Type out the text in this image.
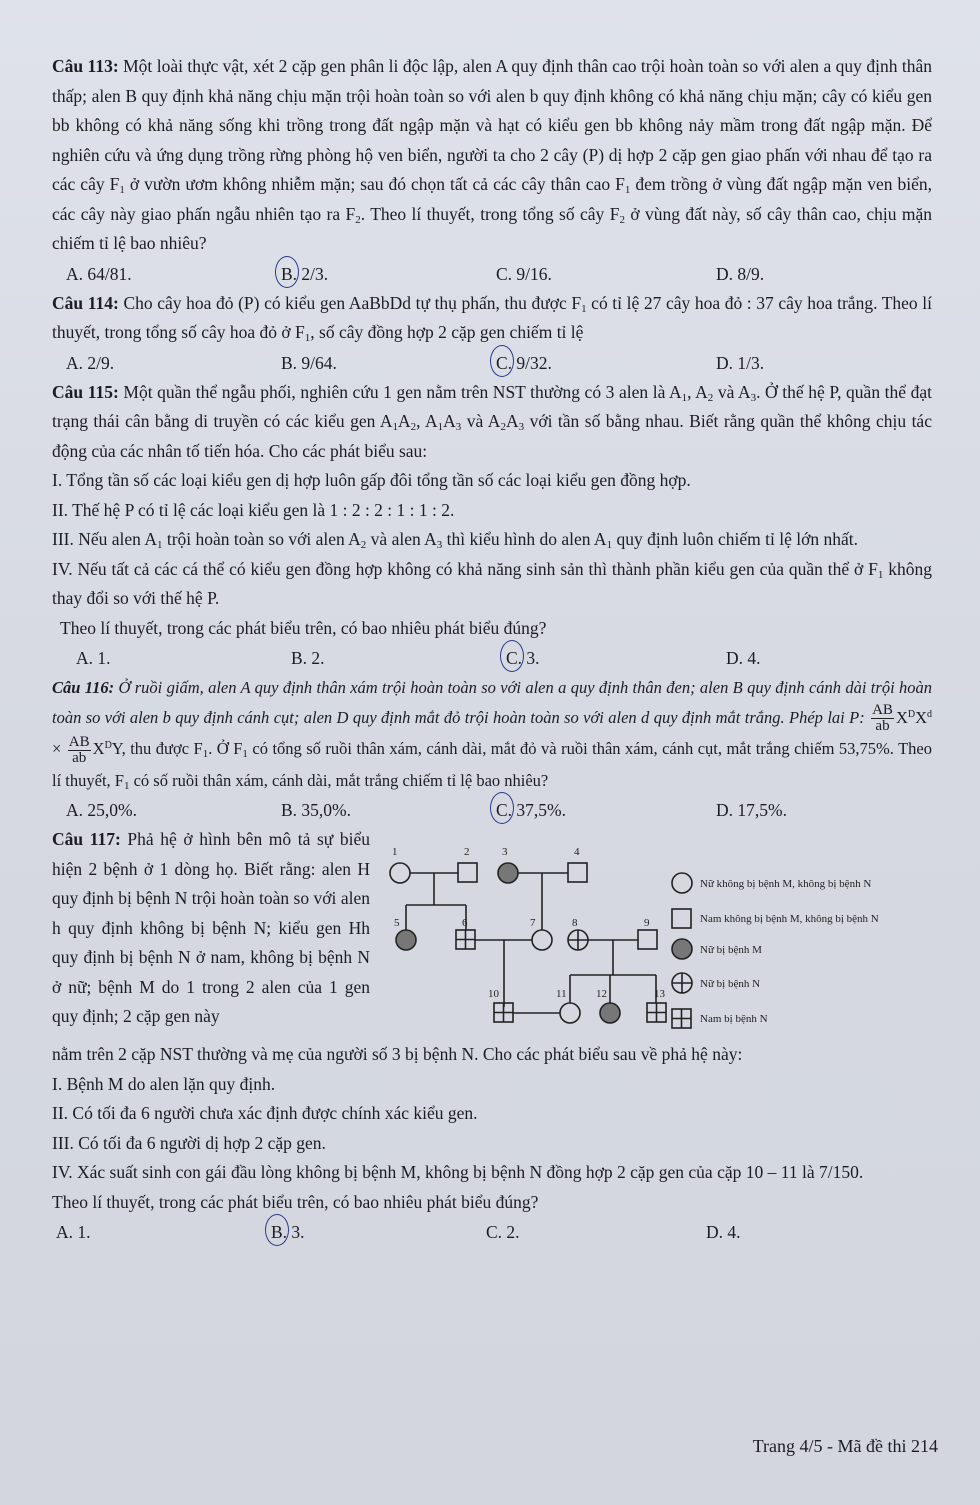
Câu 113: Một loài thực vật, xét 2 cặp gen phân li độc lập, alen A quy định thân cao trội hoàn toàn so với alen a quy định thân thấp; alen B quy định khả năng chịu mặn trội hoàn toàn so với alen b quy định không có khả năng chịu mặn; cây có kiểu gen bb không có khả năng sống khi trồng trong đất ngập mặn và hạt có kiểu gen bb không nảy mầm trong đất ngập mặn. Để nghiên cứu và ứng dụng trồng rừng phòng hộ ven biển, người ta cho 2 cây (P) dị hợp 2 cặp gen giao phấn với nhau để tạo ra các cây $F_1$ ở vườn ươm không nhiễm mặn; sau đó chọn tất cả các cây thân cao $F_1$ đem trồng ở vùng đất ngập mặn ven biển, các cây này giao phấn ngẫu nhiên tạo ra $F_2$. Theo lí thuyết, trong tổng số cây $F_2$ ở vùng đất này, số cây thân cao, chịu mặn chiếm tỉ lệ bao nhiêu?

A. 64/81.	B. 2/3.	C. 9/16.	D. 8/9.

Câu 114: Cho cây hoa đỏ (P) có kiểu gen AaBbDd tự thụ phấn, thu được $F_1$ có tỉ lệ 27 cây hoa đỏ : 37 cây hoa trắng. Theo lí thuyết, trong tổng số cây hoa đỏ ở $F_1$, số cây đồng hợp 2 cặp gen chiếm tỉ lệ

A. 2/9.	B. 9/64.	C. 9/32.	D. 1/3.

Câu 115: Một quần thể ngẫu phối, nghiên cứu 1 gen nằm trên NST thường có 3 alen là $A_1$, $A_2$ và $A_3$. Ở thế hệ P, quần thể đạt trạng thái cân bằng di truyền có các kiểu gen $A_1A_2$, $A_1A_3$ và $A_2A_3$ với tần số bằng nhau. Biết rằng quần thể không chịu tác động của các nhân tố tiến hóa. Cho các phát biểu sau:

I. Tổng tần số các loại kiểu gen dị hợp luôn gấp đôi tổng tần số các loại kiểu gen đồng hợp.

II. Thế hệ P có tỉ lệ các loại kiểu gen là 1 : 2 : 2 : 1 : 1 : 2.

III. Nếu alen $A_1$ trội hoàn toàn so với alen $A_2$ và alen $A_3$ thì kiểu hình do alen $A_1$ quy định luôn chiếm tỉ lệ lớn nhất.

IV. Nếu tất cả các cá thể có kiểu gen đồng hợp không có khả năng sinh sản thì thành phần kiểu gen của quần thể ở $F_1$ không thay đổi so với thế hệ P.

Theo lí thuyết, trong các phát biểu trên, có bao nhiêu phát biểu đúng?

A. 1.	B. 2.	C. 3.	D. 4.

Câu 116: Ở ruồi giấm, alen A quy định thân xám trội hoàn toàn so với alen a quy định thân đen; alen B quy định cánh dài trội hoàn toàn so với alen b quy định cánh cụt; alen D quy định mắt đỏ trội hoàn toàn so với alen d quy định mắt trắng. Phép lai P: $\frac{AB}{ab} X^DX^d \times \frac{AB}{ab} X^DY$, thu được $F_1$. Ở $F_1$ có tổng số ruồi thân xám, cánh dài, mắt đỏ và ruồi thân xám, cánh cụt, mắt trắng chiếm 53,75%. Theo lí thuyết, $F_1$ có số ruồi thân xám, cánh dài, mắt trắng chiếm tỉ lệ bao nhiêu?

A. 25,0%.	B. 35,0%.	C. 37,5%.	D. 17,5%.

Câu 117: Phả hệ ở hình bên mô tả sự biểu hiện 2 bệnh ở 1 dòng họ. Biết rằng: alen H quy định bị bệnh N trội hoàn toàn so với alen h quy định không bị bệnh N; kiểu gen Hh quy định bị bệnh N ở nam, không bị bệnh N ở nữ; bệnh M do 1 trong 2 alen của 1 gen quy định; 2 cặp gen này

1	2	3	4
5	6	7	8	9
10	11	12	13
Nữ không bị bệnh M, không bị bệnh N
Nam không bị bệnh M, không bị bệnh N
Nữ bị bệnh M
Nữ bị bệnh N
Nam bị bệnh N

nằm trên 2 cặp NST thường và mẹ của người số 3 bị bệnh N. Cho các phát biểu sau về phả hệ này:

I. Bệnh M do alen lặn quy định.

II. Có tối đa 6 người chưa xác định được chính xác kiểu gen.

III. Có tối đa 6 người dị hợp 2 cặp gen.

IV. Xác suất sinh con gái đầu lòng không bị bệnh M, không bị bệnh N đồng hợp 2 cặp gen của cặp 10 – 11 là 7/150.

Theo lí thuyết, trong các phát biểu trên, có bao nhiêu phát biểu đúng?

A. 1.	B. 3.	C. 2.	D. 4.
Trang 4/5 - Mã đề thi 214
